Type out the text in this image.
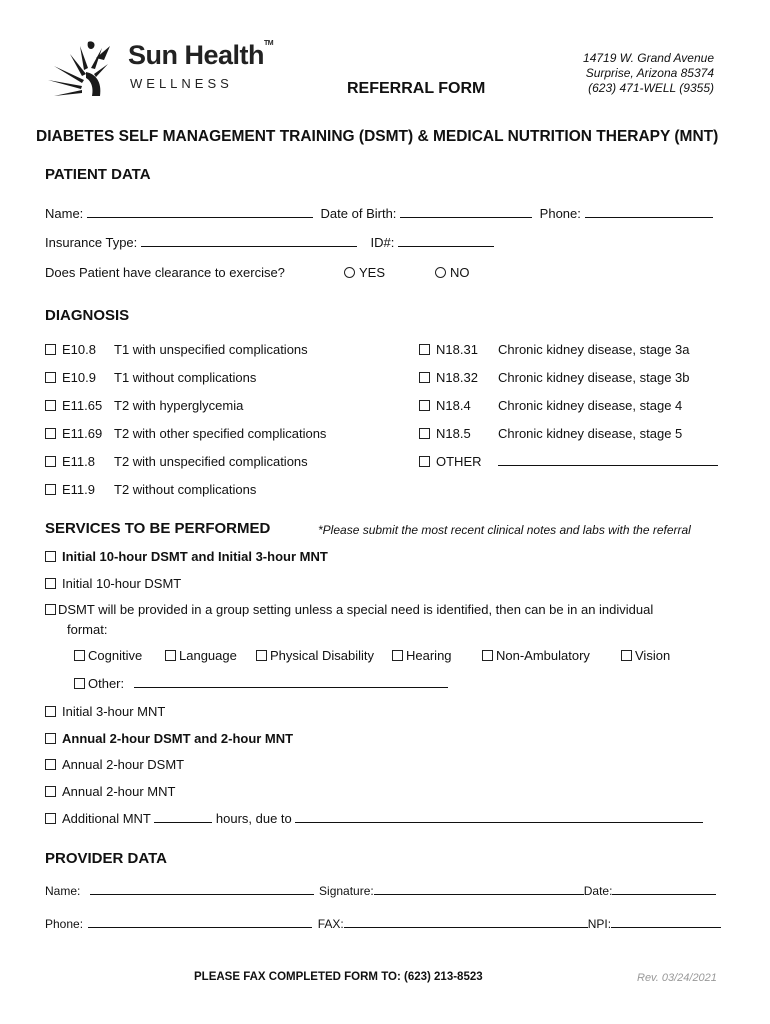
Sun Health™
WELLNESS	REFERRAL FORM
14719 W. Grand Avenue
Surprise, Arizona 85374
(623) 471-WELL (9355)
DIABETES SELF MANAGEMENT TRAINING (DSMT) & MEDICAL NUTRITION THERAPY (MNT)
PATIENT DATA
Name:	Date of Birth:	Phone:
Insurance Type:	ID#:
Does Patient have clearance to exercise?	YES	NO
DIAGNOSIS
E10.8 T1 with unspecified complications
E10.9 T1 without complications
E11.65 T2 with hyperglycemia
E11.69 T2 with other specified complications
E11.8 T2 with unspecified complications
E11.9 T2 without complications
N18.31 Chronic kidney disease, stage 3a
N18.32 Chronic kidney disease, stage 3b
N18.4 Chronic kidney disease, stage 4
N18.5 Chronic kidney disease, stage 5
OTHER
SERVICES TO BE PERFORMED	*Please submit the most recent clinical notes and labs with the referral
Initial 10-hour DSMT and Initial 3-hour MNT
Initial 10-hour DSMT
DSMT will be provided in a group setting unless a special need is identified, then can be in an individual
format:
Cognitive	Language	Physical Disability	Hearing	Non-Ambulatory	Vision
Other:
Initial 3-hour MNT
Annual 2-hour DSMT and 2-hour MNT
Annual 2-hour DSMT
Annual 2-hour MNT
Additional MNT	hours, due to
PROVIDER DATA
Name:	Signature:	Date:
Phone:	FAX:	NPI:
PLEASE FAX COMPLETED FORM TO: (623) 213-8523	Rev. 03/24/2021
